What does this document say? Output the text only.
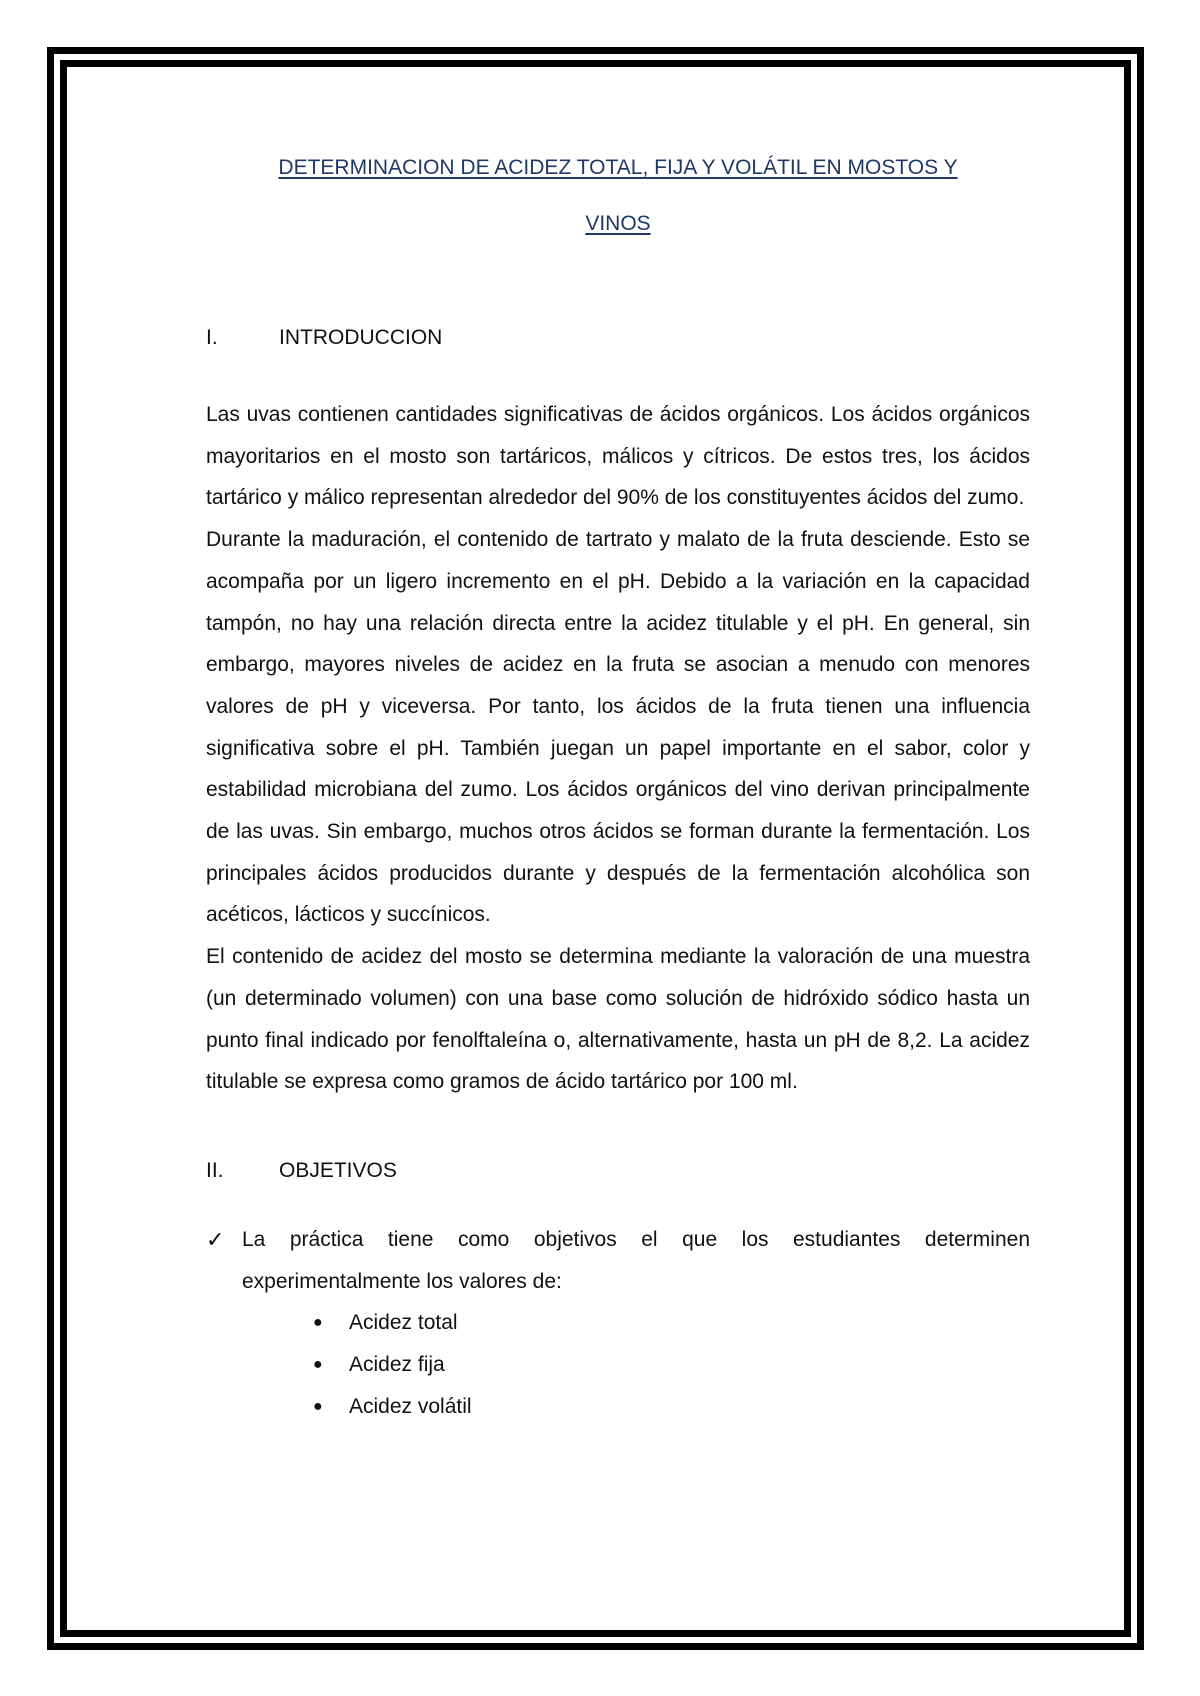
DETERMINACION DE ACIDEZ TOTAL, FIJA Y VOLÁTIL EN MOSTOS Y
VINOS
I.	INTRODUCCION

Las uvas contienen cantidades significativas de ácidos orgánicos. Los ácidos orgánicos mayoritarios en el mosto son tartáricos, málicos y cítricos. De estos tres, los ácidos tartárico y málico representan alrededor del 90% de los constituyentes ácidos del zumo.

Durante la maduración, el contenido de tartrato y malato de la fruta desciende. Esto se acompaña por un ligero incremento en el pH. Debido a la variación en la capacidad tampón, no hay una relación directa entre la acidez titulable y el pH. En general, sin embargo, mayores niveles de acidez en la fruta se asocian a menudo con menores valores de pH y viceversa. Por tanto, los ácidos de la fruta tienen una influencia significativa sobre el pH. También juegan un papel importante en el sabor, color y estabilidad microbiana del zumo. Los ácidos orgánicos del vino derivan principalmente de las uvas. Sin embargo, muchos otros ácidos se forman durante la fermentación. Los principales ácidos producidos durante y después de la fermentación alcohólica son acéticos, lácticos y succínicos.

El contenido de acidez del mosto se determina mediante la valoración de una muestra (un determinado volumen) con una base como solución de hidróxido sódico hasta un punto final indicado por fenolftaleína o, alternativamente, hasta un pH de 8,2. La acidez titulable se expresa como gramos de ácido tartárico por 100 ml.

II.	OBJETIVOS
✓ La práctica tiene como objetivos el que los estudiantes determinen experimentalmente los valores de:
●	Acidez total
●	Acidez fija
●	Acidez volátil
